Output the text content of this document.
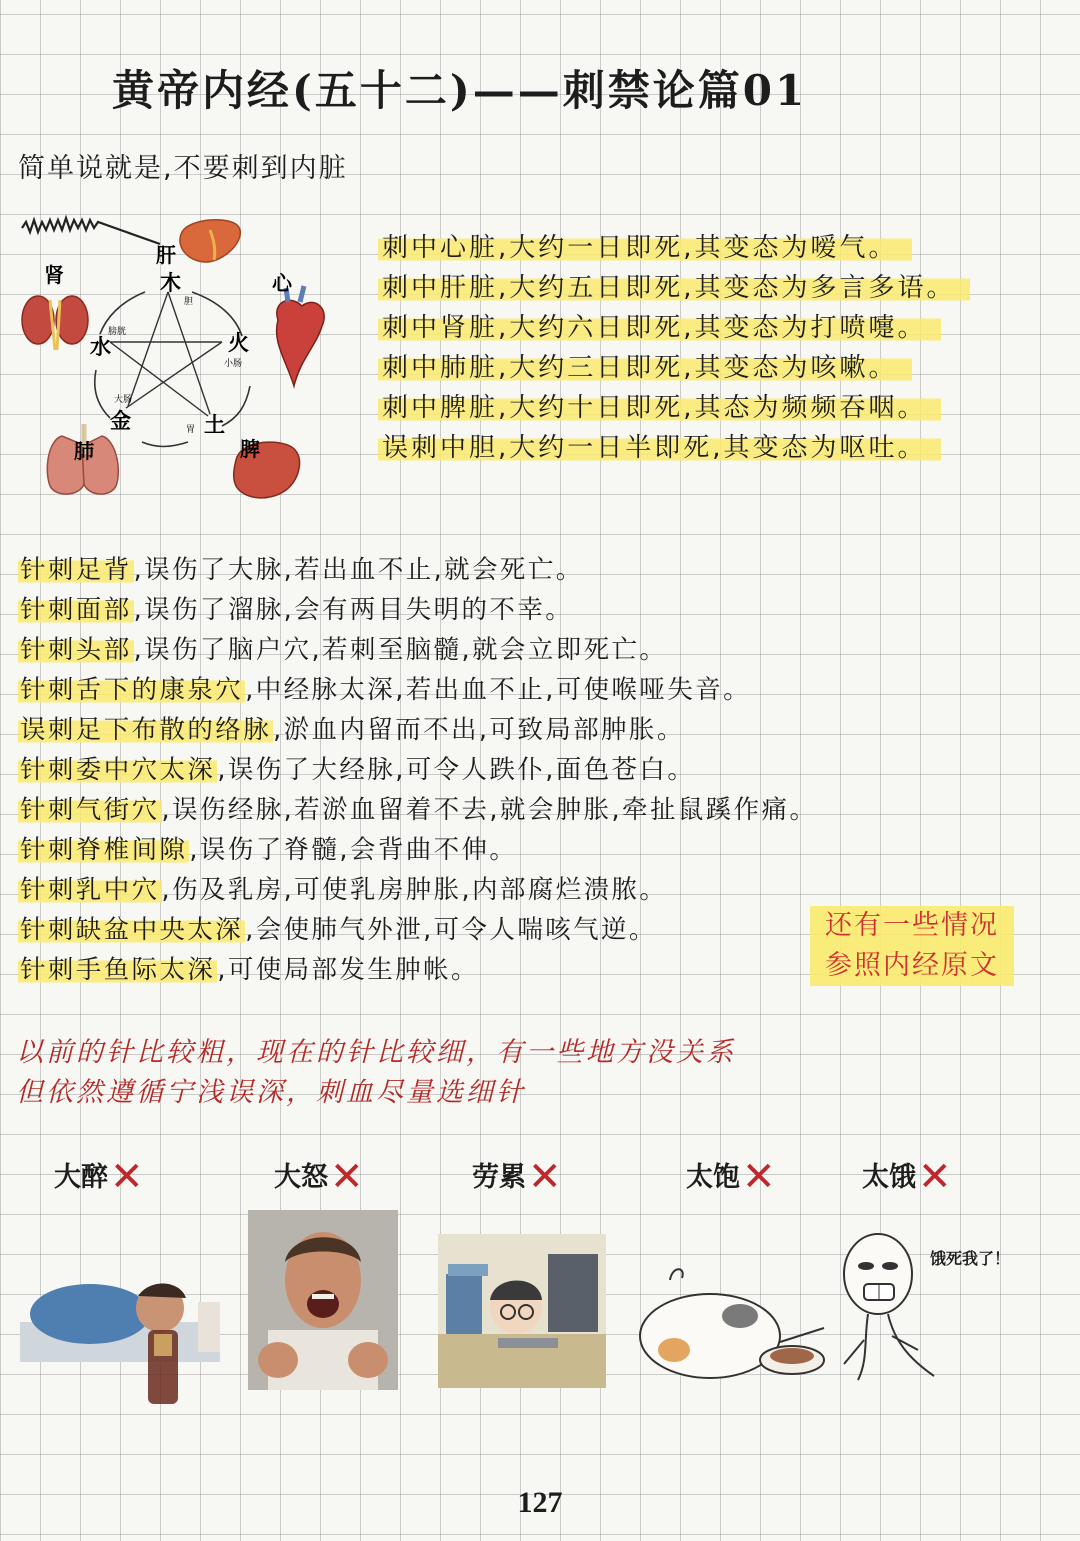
黄帝内经(五十二)——刺禁论篇01
简单说就是,不要刺到内脏
肝
肾	心
肺	脾
木
火
土
金
水
胆
小肠
胃
大肠
膀胱
刺中心脏,大约一日即死,其变态为嗳气。
刺中肝脏,大约五日即死,其变态为多言多语。
刺中肾脏,大约六日即死,其变态为打喷嚏。
刺中肺脏,大约三日即死,其变态为咳嗽。
刺中脾脏,大约十日即死,其态为频频吞咽。
误刺中胆,大约一日半即死,其变态为呕吐。
针刺足背,误伤了大脉,若出血不止,就会死亡。
针刺面部,误伤了溜脉,会有两目失明的不幸。
针刺头部,误伤了脑户穴,若刺至脑髓,就会立即死亡。
针刺舌下的康泉穴,中经脉太深,若出血不止,可使喉哑失音。
误刺足下布散的络脉,淤血内留而不出,可致局部肿胀。
针刺委中穴太深,误伤了大经脉,可令人跌仆,面色苍白。
针刺气街穴,误伤经脉,若淤血留着不去,就会肿胀,牵扯鼠蹊作痛。
针刺脊椎间隙,误伤了脊髓,会背曲不伸。
针刺乳中穴,伤及乳房,可使乳房肿胀,内部腐烂溃脓。
针刺缺盆中央太深,会使肺气外泄,可令人喘咳气逆。
针刺手鱼际太深,可使局部发生肿帐。
还有一些情况
参照内经原文
以前的针比较粗，现在的针比较细，有一些地方没关系
但依然遵循宁浅误深，刺血尽量选细针
大醉✕	大怒✕	劳累✕	太饱✕	太饿✕
饿死我了！
127
